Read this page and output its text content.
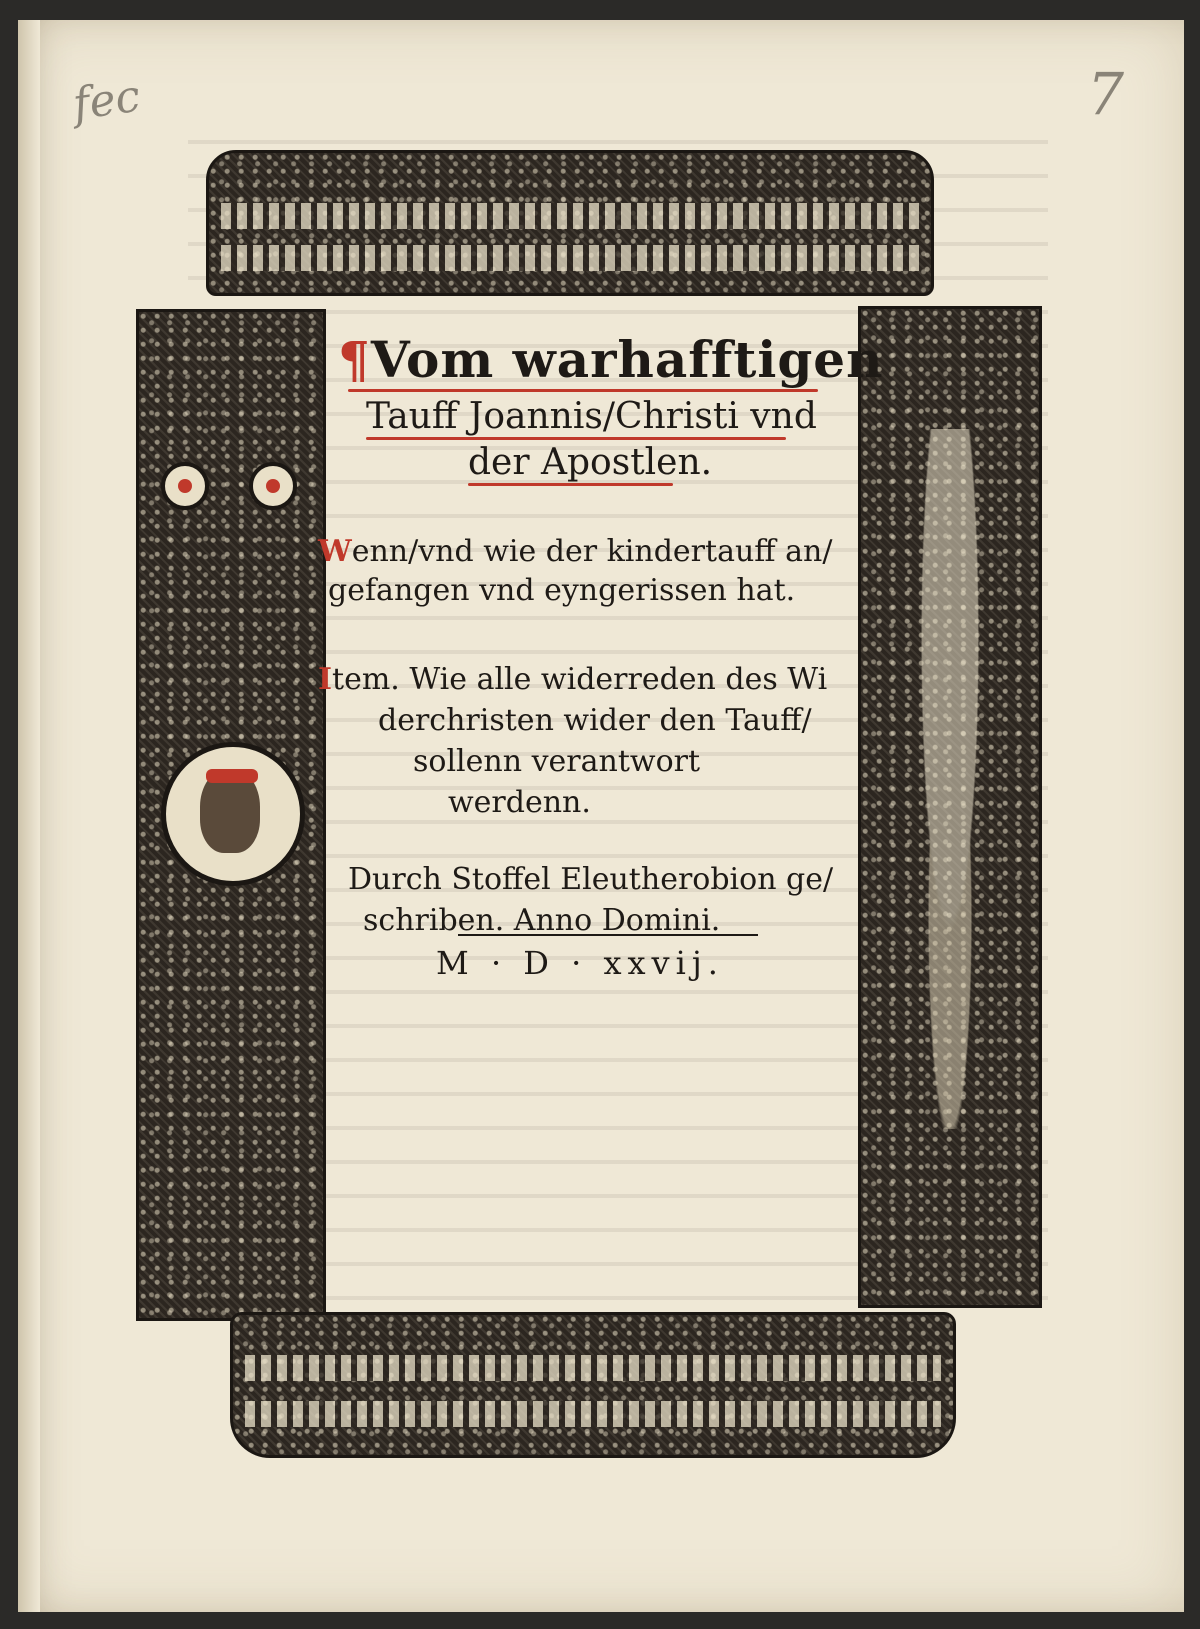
fec	7

¶Vom warhafftigen

Tauff Joannis/Christi vnd

der Apostlen.

Wenn/vnd wie der kindertauff an/

gefangen vnd eyngerissen hat.

Item. Wie alle widerreden des Wi

derchristen wider den Tauff/

sollenn verantwort

werdenn.

Durch Stoffel Eleutherobion ge/

schriben. Anno Domini.

M · D · xxvij.
